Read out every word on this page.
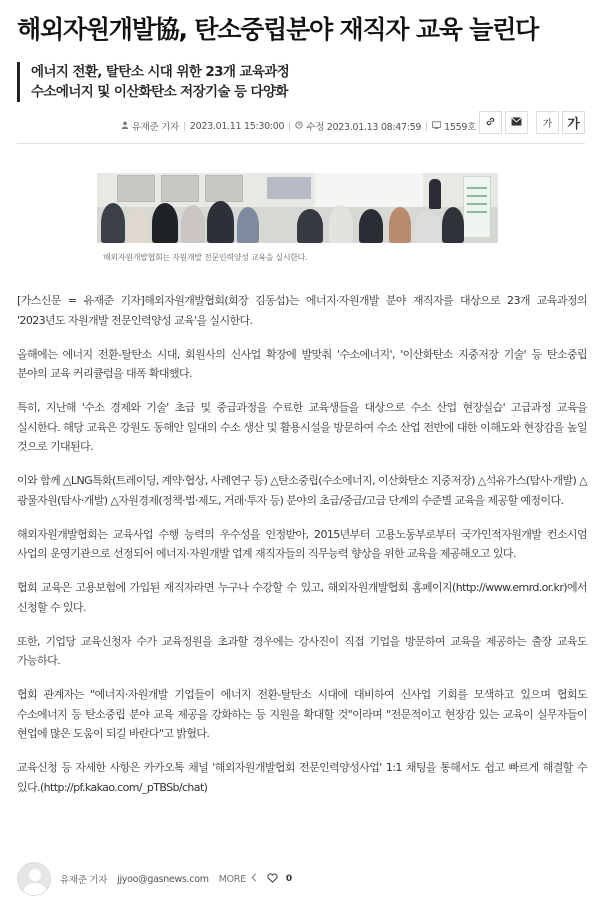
해외자원개발協, 탄소중립분야 재직자 교육 늘린다
에너지 전환, 탈탄소 시대 위한 23개 교육과정
수소에너지 및 이산화탄소 저장기술 등 다양화
유재준 기자 2023.01.11 15:30:00 수정 2023.01.13 08:47:59 1559호	가	가
해외자원개발협회는 자원개발 전문인력양성 교육을 실시한다.

[가스신문 = 유재준 기자]해외자원개발협회(회장 김동섭)는 에너지·자원개발 분야 재직자를 대상으로 23개 교육과정의 '2023년도 자원개발 전문인력양성 교육'을 실시한다.

올해에는 에너지 전환-탈탄소 시대, 회원사의 신사업 확장에 발맞춰 '수소에너지', '이산화탄소 지중저장 기술' 등 탄소중립 분야의 교육 커리큘럼을 대폭 확대했다.

특히, 지난해 '수소 경제와 기술' 초급 및 중급과정을 수료한 교육생들을 대상으로 수소 산업 현장실습' 고급과정 교육을 실시한다. 해당 교육은 강원도 동해안 일대의 수소 생산 및 활용시설을 방문하여 수소 산업 전반에 대한 이해도와 현장감을 높일 것으로 기대된다.

이와 함께 △LNG특화(트레이딩, 계약·협상, 사례연구 등) △탄소중립(수소에너지, 이산화탄소 지중저장) △석유가스(탐사·개발) △광물자원(탐사·개발) △자원경제(정책·법·제도, 거래·투자 등) 분야의 초급/중급/고급 단계의 수준별 교육을 제공할 예정이다.

해외자원개발협회는 교육사업 수행 능력의 우수성을 인정받아, 2015년부터 고용노동부로부터 국가인적자원개발 컨소시엄 사업의 운영기관으로 선정되어 에너지·자원개발 업계 재직자들의 직무능력 향상을 위한 교육을 제공해오고 있다.

협회 교육은 고용보험에 가입된 재직자라면 누구나 수강할 수 있고, 해외자원개발협회 홈페이지(http://www.emrd.or.kr)에서 신청할 수 있다.

또한, 기업당 교육신청자 수가 교육정원을 초과할 경우에는 강사진이 직접 기업을 방문하여 교육을 제공하는 출장 교육도 가능하다.

협회 관계자는 "에너지·자원개발 기업들이 에너지 전환-탈탄소 시대에 대비하여 신사업 기회를 모색하고 있으며 협회도 수소에너지 등 탄소중립 분야 교육 제공을 강화하는 등 지원을 확대할 것"이라며 "전문적이고 현장감 있는 교육이 실무자들이 현업에 많은 도움이 되길 바란다"고 밝혔다.

교육신청 등 자세한 사항은 카카오톡 채널 '해외자원개발협회 전문인력양성사업' 1:1 채팅을 통해서도 쉽고 빠르게 해결할 수 있다.(http://pf.kakao.com/_pTBSb/chat)

유재준 기자 jjyoo@gasnews.com MORE	0
